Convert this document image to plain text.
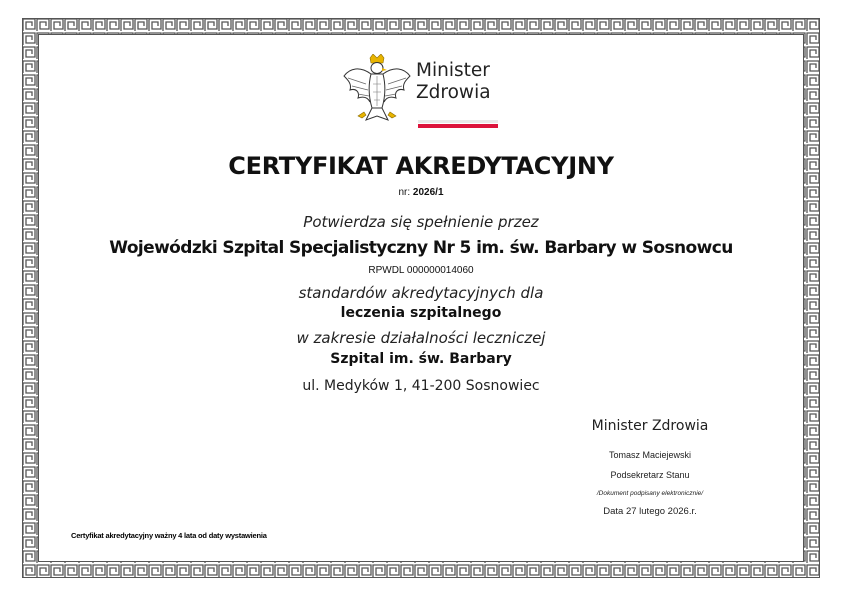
Minister
Zdrowia
CERTYFIKAT AKREDYTACYJNY
nr: 2026/1
Potwierdza się spełnienie przez
Wojewódzki Szpital Specjalistyczny Nr 5 im. św. Barbary w Sosnowcu
RPWDL 000000014060
standardów akredytacyjnych dla
leczenia szpitalnego
w zakresie działalności leczniczej
Szpital im. św. Barbary
ul. Medyków 1, 41-200 Sosnowiec
Minister Zdrowia
Tomasz Maciejewski
Podsekretarz Stanu
/Dokument podpisany elektronicznie/
Data 27 lutego 2026.r.
Certyfikat akredytacyjny ważny 4 lata od daty wystawienia
